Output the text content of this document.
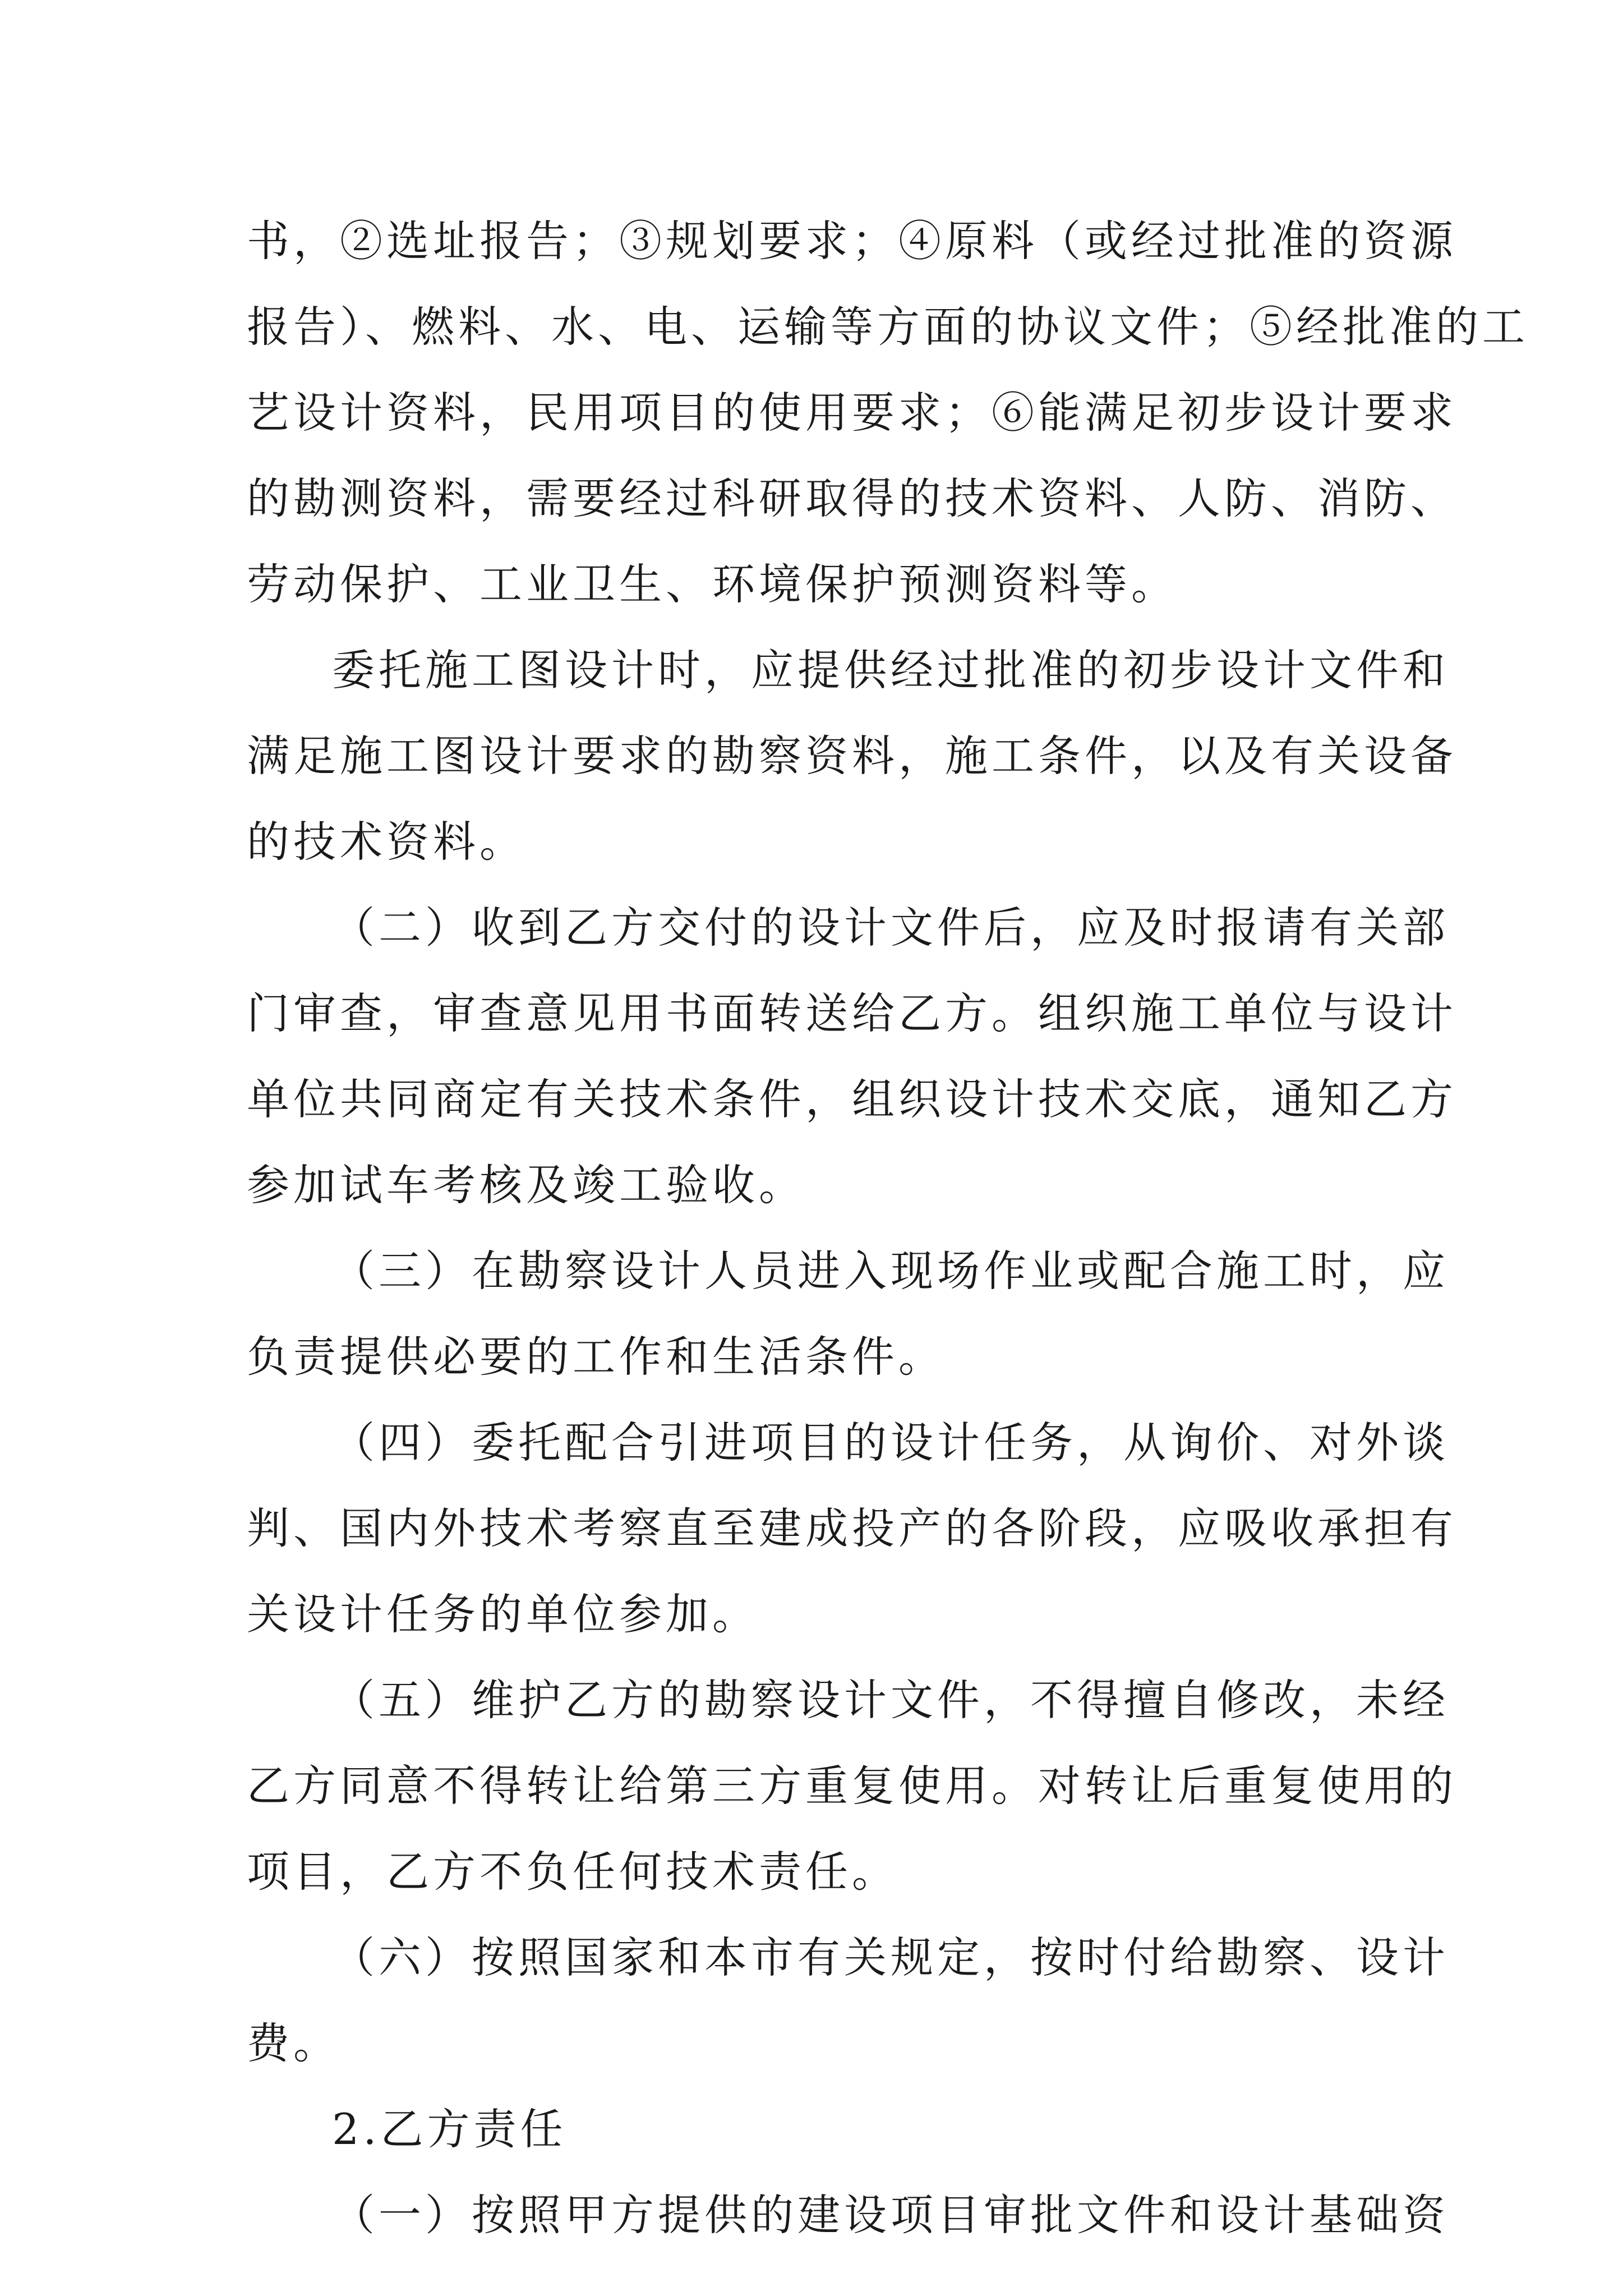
书，②选址报告；③规划要求；④原料（或经过批准的资源
报告）、燃料、水、电、运输等方面的协议文件；⑤经批准的工
艺设计资料，民用项目的使用要求；⑥能满足初步设计要求
的勘测资料，需要经过科研取得的技术资料、人防、消防、
劳动保护、工业卫生、环境保护预测资料等。
委托施工图设计时，应提供经过批准的初步设计文件和
满足施工图设计要求的勘察资料，施工条件，以及有关设备
的技术资料。
（二）收到乙方交付的设计文件后，应及时报请有关部
门审查，审查意见用书面转送给乙方。组织施工单位与设计
单位共同商定有关技术条件，组织设计技术交底，通知乙方
参加试车考核及竣工验收。
（三）在勘察设计人员进入现场作业或配合施工时，应
负责提供必要的工作和生活条件。
（四）委托配合引进项目的设计任务，从询价、对外谈
判、国内外技术考察直至建成投产的各阶段，应吸收承担有
关设计任务的单位参加。
（五）维护乙方的勘察设计文件，不得擅自修改，未经
乙方同意不得转让给第三方重复使用。对转让后重复使用的
项目，乙方不负任何技术责任。
（六）按照国家和本市有关规定，按时付给勘察、设计
费。
2.乙方责任
（一）按照甲方提供的建设项目审批文件和设计基础资
